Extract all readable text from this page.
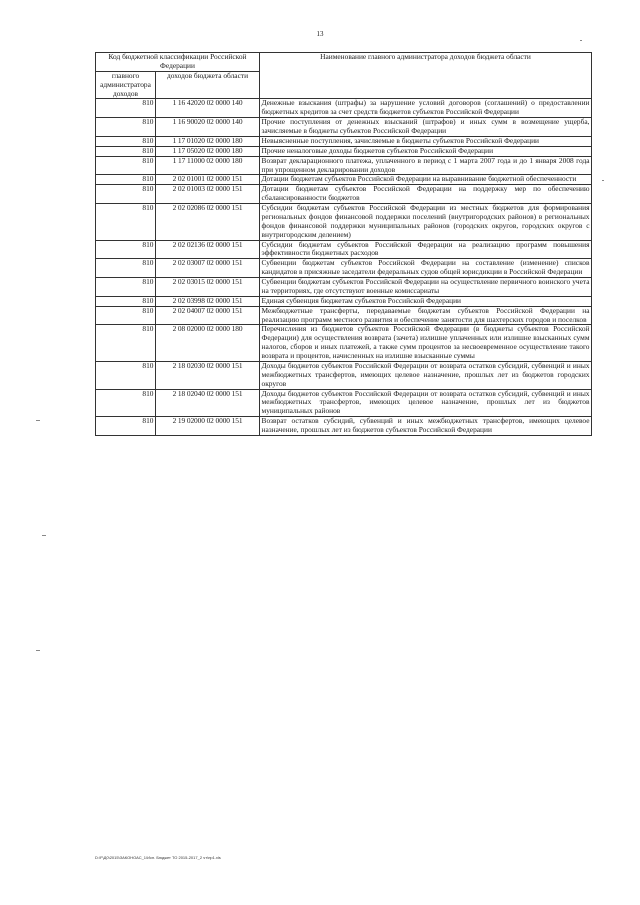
13
Код бюджетной классификации Российской Федерации		Наименование главного администратора доходов бюджета области
главного администратора доходов	доходов бюджета области	
810	1 16 42020 02 0000 140	Денежные взыскания (штрафы) за нарушение условий договоров (соглашений) о предоставлении бюджетных кредитов за счет средств бюджетов субъектов Российской Федерации
810	1 16 90020 02 0000 140	Прочие поступления от денежных взысканий (штрафов) и иных сумм в возмещение ущерба, зачисляемые в бюджеты субъектов Российской Федерации
810	1 17 01020 02 0000 180	Невыясненные поступления, зачисляемые в бюджеты субъектов Российской Федерации
810	1 17 05020 02 0000 180	Прочие неналоговые доходы бюджетов субъектов Российской Федерации
810	1 17 11000 02 0000 180	Возврат декларационного платежа, уплаченного в период с 1 марта 2007 года и до 1 января 2008 года при упрощенном декларировании доходов
810	2 02 01001 02 0000 151	Дотации бюджетам субъектов Российской Федерации на выравнивание бюджетной обеспеченности
810	2 02 01003 02 0000 151	Дотации бюджетам субъектов Российской Федерации на поддержку мер по обеспечению сбалансированности бюджетов
810	2 02 02086 02 0000 151	Субсидии бюджетам субъектов Российской Федерации из местных бюджетов для формирования региональных фондов финансовой поддержки поселений (внутригородских районов) в региональных фондов финансовой поддержки муниципальных районов (городских округов, городских округов с внутригородским делением)
810	2 02 02136 02 0000 151	Субсидии бюджетам субъектов Российской Федерации на реализацию программ повышения эффективности бюджетных расходов
810	2 02 03007 02 0000 151	Субвенции бюджетам субъектов Российской Федерации на составление (изменение) списков кандидатов в присяжные заседатели федеральных судов общей юрисдикции в Российской Федерации
810	2 02 03015 02 0000 151	Субвенции бюджетам субъектов Российской Федерации на осуществление первичного воинского учета на территориях, где отсутствуют военные комиссариаты
810	2 02 03998 02 0000 151	Единая субвенция бюджетам субъектов Российской Федерации
810	2 02 04007 02 0000 151	Межбюджетные трансферты, передаваемые бюджетам субъектов Российской Федерации на реализацию программ местного развития и обеспечение занятости для шахтерских городов и поселков
810	2 08 02000 02 0000 180	Перечисления из бюджетов субъектов Российской Федерации (в бюджеты субъектов Российской Федерации) для осуществления возврата (зачета) излишне уплаченных или излишне взысканных сумм налогов, сборов и иных платежей, а также сумм процентов за несвоевременное осуществление такого возврата и процентов, начисленных на излишне взысканные суммы
810	2 18 02030 02 0000 151	Доходы бюджетов субъектов Российской Федерации от возврата остатков субсидий, субвенций и иных межбюджетных трансфертов, имеющих целевое назначение, прошлых лет из бюджетов городских округов
810	2 18 02040 02 0000 151	Доходы бюджетов субъектов Российской Федерации от возврата остатков субсидий, субвенций и иных межбюджетных трансфертов, имеющих целевое назначение, прошлых лет из бюджетов муниципальных районов
810	2 19 02000 02 0000 151	Возврат остатков субсидий, субвенций и иных межбюджетных трансфертов, имеющих целевое назначение, прошлых лет из бюджетов субъектов Российской Федерации
D:\F\Д0\2015\ЗАКОНОАС_1\Исп. Бюджет ТО 2015-2017_2 чт\пр1.xls
